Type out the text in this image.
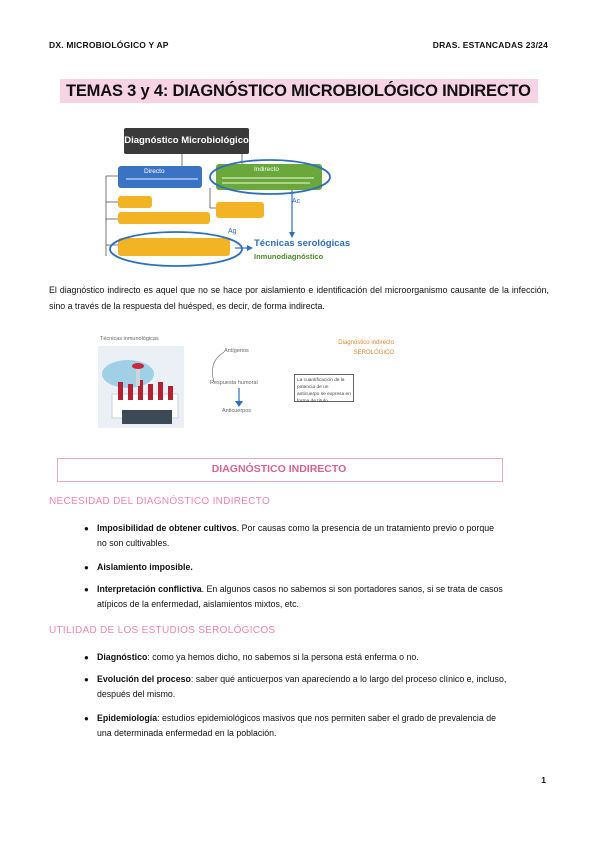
DX. MICROBIOLÓGICO Y AP	DRAS. ESTANCADAS 23/24
TEMAS 3 y 4: DIAGNÓSTICO MICROBIOLÓGICO INDIRECTO
Diagnóstico Microbiológico
Directo	Indirecto
Ac
Ag
Técnicas serológicas
Inmunodiagnóstico
El diagnóstico indirecto es aquel que no se hace por aislamiento e identificación del microorganismo causante de la infección, sino a través de la respuesta del huésped, es decir, de forma indirecta.
Técnicas inmunológicas
Antígenos
Respuesta humoral
Anticuerpos
Diagnóstico indirecto
SEROLÓGICO
La cuantificación de la potencia de un anticuerpo se expresa en forma de título.
DIAGNÓSTICO INDIRECTO
NECESIDAD DEL DIAGNÓSTICO INDIRECTO
● Imposibilidad de obtener cultivos. Por causas como la presencia de un tratamiento previo o porque
no son cultivables.
● Aislamiento imposible.
● Interpretación conflictiva. En algunos casos no sabemos si son portadores sanos, si se trata de casos
atípicos de la enfermedad, aislamientos mixtos, etc.
UTILIDAD DE LOS ESTUDIOS SEROLÓGICOS
● Diagnóstico: como ya hemos dicho, no sabemos si la persona está enferma o no.
● Evolución del proceso: saber qué anticuerpos van apareciendo a lo largo del proceso clínico e, incluso,
después del mismo.
● Epidemiología: estudios epidemiológicos masivos que nos permiten saber el grado de prevalencia de
una determinada enfermedad en la población.
1
